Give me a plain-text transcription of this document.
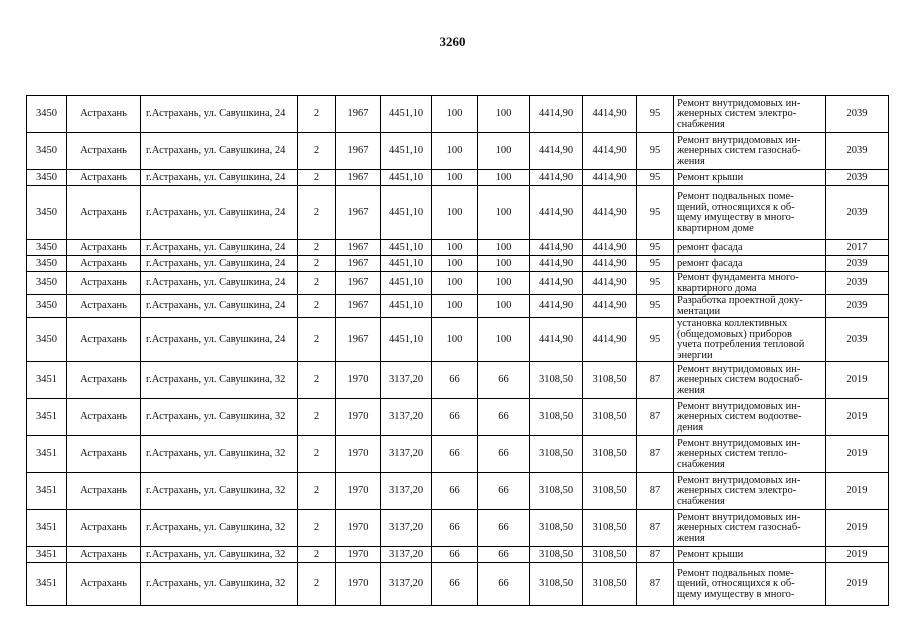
3260
3450	Астрахань	г.Астрахань, ул. Савушкина, 24	2	1967	4451,10	100	100	4414,90	4414,90	95	Ремонт внутридомовых ин-
женерных систем электро-
снабжения	2039
3450	Астрахань	г.Астрахань, ул. Савушкина, 24	2	1967	4451,10	100	100	4414,90	4414,90	95	Ремонт внутридомовых ин-
женерных систем газоснаб-
жения	2039
3450	Астрахань	г.Астрахань, ул. Савушкина, 24	2	1967	4451,10	100	100	4414,90	4414,90	95	Ремонт крыши	2039
3450	Астрахань	г.Астрахань, ул. Савушкина, 24	2	1967	4451,10	100	100	4414,90	4414,90	95	Ремонт подвальных поме-
щений, относящихся к об-
щему имуществу в много-
квартирном доме	2039
3450	Астрахань	г.Астрахань, ул. Савушкина, 24	2	1967	4451,10	100	100	4414,90	4414,90	95	ремонт фасада	2017
3450	Астрахань	г.Астрахань, ул. Савушкина, 24	2	1967	4451,10	100	100	4414,90	4414,90	95	ремонт фасада	2039
3450	Астрахань	г.Астрахань, ул. Савушкина, 24	2	1967	4451,10	100	100	4414,90	4414,90	95	Ремонт фундамента много-
квартирного дома	2039
3450	Астрахань	г.Астрахань, ул. Савушкина, 24	2	1967	4451,10	100	100	4414,90	4414,90	95	Разработка проектной доку-
ментации	2039
3450	Астрахань	г.Астрахань, ул. Савушкина, 24	2	1967	4451,10	100	100	4414,90	4414,90	95	установка коллективных
(общедомовых) приборов
учета потребления тепловой
энергии	2039
3451	Астрахань	г.Астрахань, ул. Савушкина, 32	2	1970	3137,20	66	66	3108,50	3108,50	87	Ремонт внутридомовых ин-
женерных систем водоснаб-
жения	2019
3451	Астрахань	г.Астрахань, ул. Савушкина, 32	2	1970	3137,20	66	66	3108,50	3108,50	87	Ремонт внутридомовых ин-
женерных систем водоотве-
дения	2019
3451	Астрахань	г.Астрахань, ул. Савушкина, 32	2	1970	3137,20	66	66	3108,50	3108,50	87	Ремонт внутридомовых ин-
женерных систем тепло-
снабжения	2019
3451	Астрахань	г.Астрахань, ул. Савушкина, 32	2	1970	3137,20	66	66	3108,50	3108,50	87	Ремонт внутридомовых ин-
женерных систем электро-
снабжения	2019
3451	Астрахань	г.Астрахань, ул. Савушкина, 32	2	1970	3137,20	66	66	3108,50	3108,50	87	Ремонт внутридомовых ин-
женерных систем газоснаб-
жения	2019
3451	Астрахань	г.Астрахань, ул. Савушкина, 32	2	1970	3137,20	66	66	3108,50	3108,50	87	Ремонт крыши	2019
3451	Астрахань	г.Астрахань, ул. Савушкина, 32	2	1970	3137,20	66	66	3108,50	3108,50	87	Ремонт подвальных поме-
щений, относящихся к об-
щему имуществу в много-	2019
